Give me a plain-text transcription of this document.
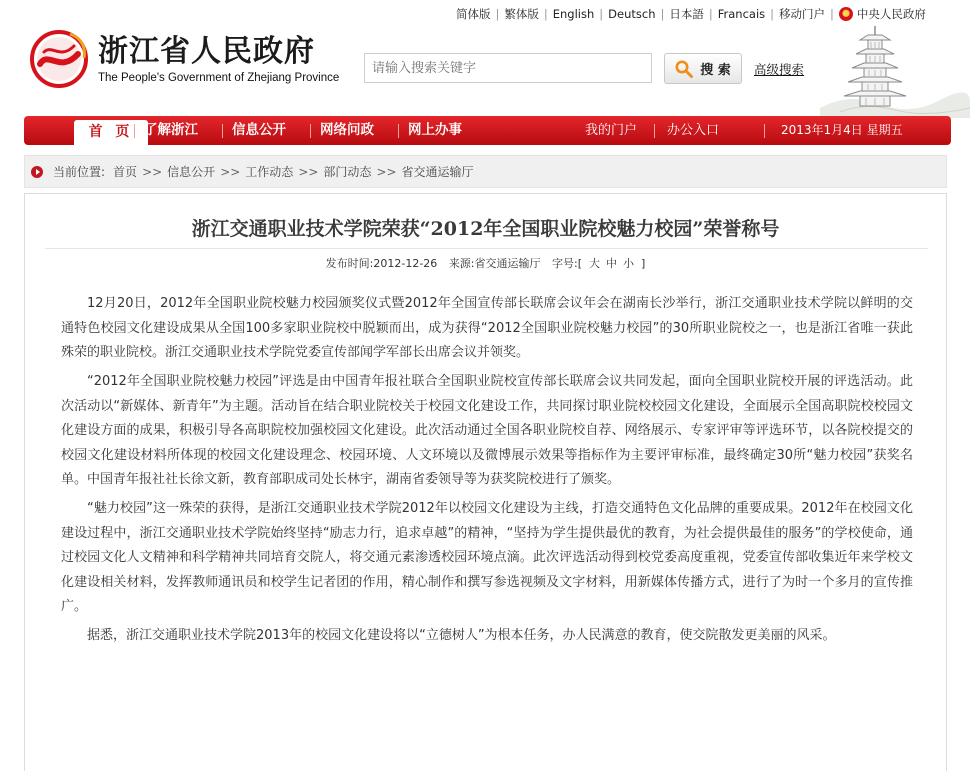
简体版 | 繁体版 | English | Deutsch | 日本語 | Francais | 移动门户 | 中央人民政府
浙江省人民政府
The People's Government of Zhejiang Province
请输入搜索关键字	搜 索 高级搜索
首 页 了解浙江	信息公开	网络问政	网上办事	我的门户 办公入口	2013年1月4日 星期五
当前位置: 首页 >> 信息公开 >> 工作动态 >> 部门动态 >> 省交通运输厅
浙江交通职业技术学院荣获“2012年全国职业院校魅力校园”荣誉称号
发布时间:2012-12-26 来源:省交通运输厅 字号:[ 大 中 小 ]

12月20日，2012年全国职业院校魅力校园颁奖仪式暨2012年全国宣传部长联席会议年会在湖南长沙举行，浙江交通职业技术学院以鲜明的交通特色校园文化建设成果从全国100多家职业院校中脱颖而出，成为获得“2012全国职业院校魅力校园”的30所职业院校之一，也是浙江省唯一获此殊荣的职业院校。浙江交通职业技术学院党委宣传部闻学军部长出席会议并领奖。

“2012年全国职业院校魅力校园”评选是由中国青年报社联合全国职业院校宣传部长联席会议共同发起，面向全国职业院校开展的评选活动。此次活动以“新媒体、新青年”为主题。活动旨在结合职业院校关于校园文化建设工作，共同探讨职业院校校园文化建设，全面展示全国高职院校校园文化建设方面的成果，积极引导各高职院校加强校园文化建设。此次活动通过全国各职业院校自荐、网络展示、专家评审等评选环节，以各院校提交的校园文化建设材料所体现的校园文化建设理念、校园环境、人文环境以及微博展示效果等指标作为主要评审标准，最终确定30所“魅力校园”获奖名单。中国青年报社社长徐文新，教育部职成司处长林宇，湖南省委领导等为获奖院校进行了颁奖。

“魅力校园”这一殊荣的获得，是浙江交通职业技术学院2012年以校园文化建设为主线，打造交通特色文化品牌的重要成果。2012年在校园文化建设过程中，浙江交通职业技术学院始终坚持“励志力行，追求卓越”的精神，“坚持为学生提供最优的教育，为社会提供最佳的服务”的学校使命，通过校园文化人文精神和科学精神共同培育交院人，将交通元素渗透校园环境点滴。此次评选活动得到校党委高度重视，党委宣传部收集近年来学校文化建设相关材料，发挥教师通讯员和校学生记者团的作用，精心制作和撰写参选视频及文字材料，用新媒体传播方式，进行了为时一个多月的宣传推广。

据悉，浙江交通职业技术学院2013年的校园文化建设将以“立德树人”为根本任务，办人民满意的教育，使交院散发更美丽的风采。
